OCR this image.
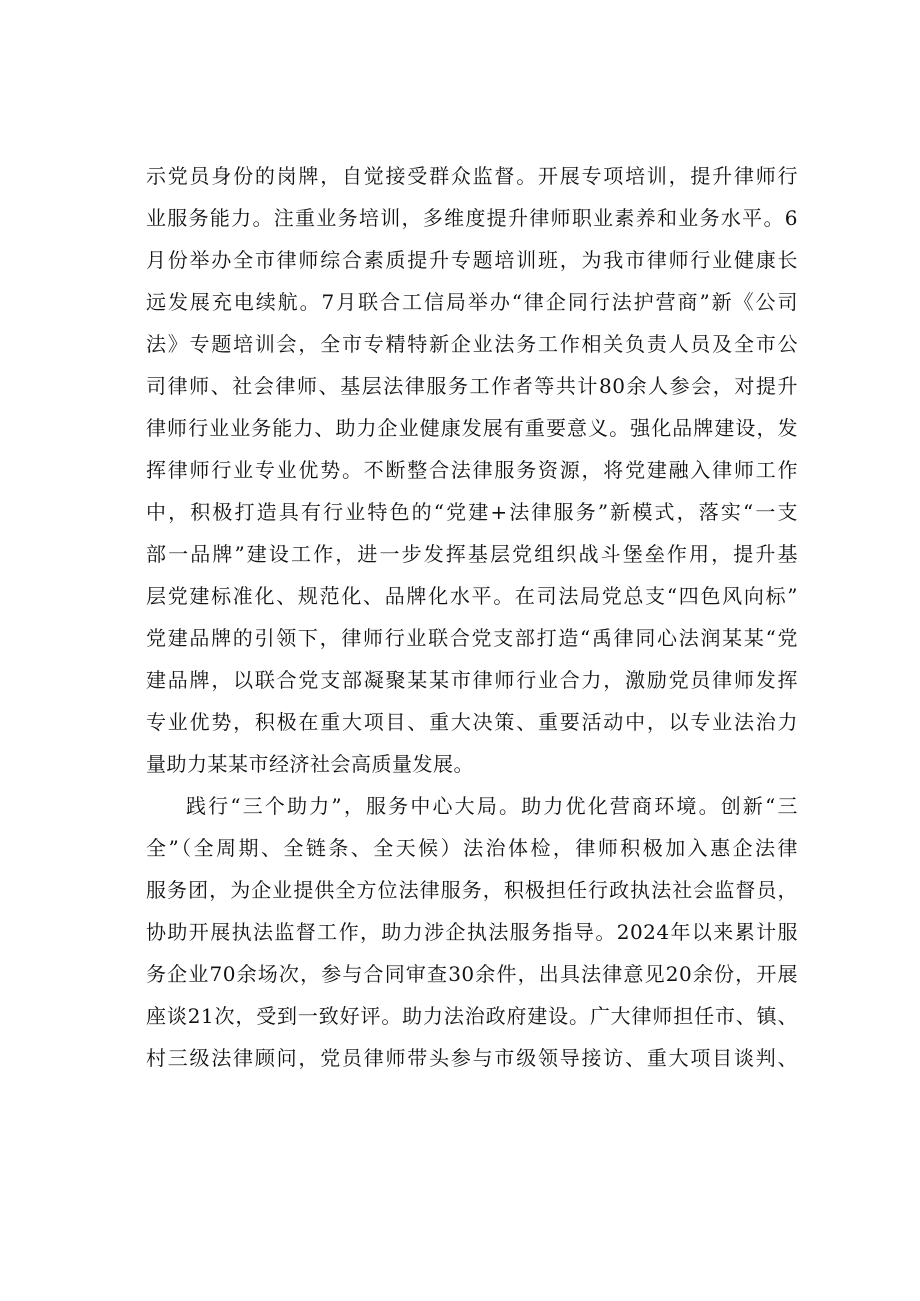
示党员身份的岗牌，自觉接受群众监督。开展专项培训，提升律师行
业服务能力。注重业务培训，多维度提升律师职业素养和业务水平。6
月份举办全市律师综合素质提升专题培训班，为我市律师行业健康长
远发展充电续航。7月联合工信局举办“律企同行法护营商”新《公司
法》专题培训会，全市专精特新企业法务工作相关负责人员及全市公
司律师、社会律师、基层法律服务工作者等共计80余人参会，对提升
律师行业业务能力、助力企业健康发展有重要意义。强化品牌建设，发
挥律师行业专业优势。不断整合法律服务资源，将党建融入律师工作
中，积极打造具有行业特色的“党建+法律服务”新模式，落实“一支
部一品牌”建设工作，进一步发挥基层党组织战斗堡垒作用，提升基
层党建标准化、规范化、品牌化水平。在司法局党总支“四色风向标”
党建品牌的引领下，律师行业联合党支部打造“禹律同心法润某某“党
建品牌，以联合党支部凝聚某某市律师行业合力，激励党员律师发挥
专业优势，积极在重大项目、重大决策、重要活动中，以专业法治力
量助力某某市经济社会高质量发展。
践行“三个助力”，服务中心大局。助力优化营商环境。创新“三
全”（全周期、全链条、全天候）法治体检，律师积极加入惠企法律
服务团，为企业提供全方位法律服务，积极担任行政执法社会监督员，
协助开展执法监督工作，助力涉企执法服务指导。2024年以来累计服
务企业70余场次，参与合同审查30余件，出具法律意见20余份，开展
座谈21次，受到一致好评。助力法治政府建设。广大律师担任市、镇、
村三级法律顾问，党员律师带头参与市级领导接访、重大项目谈判、
